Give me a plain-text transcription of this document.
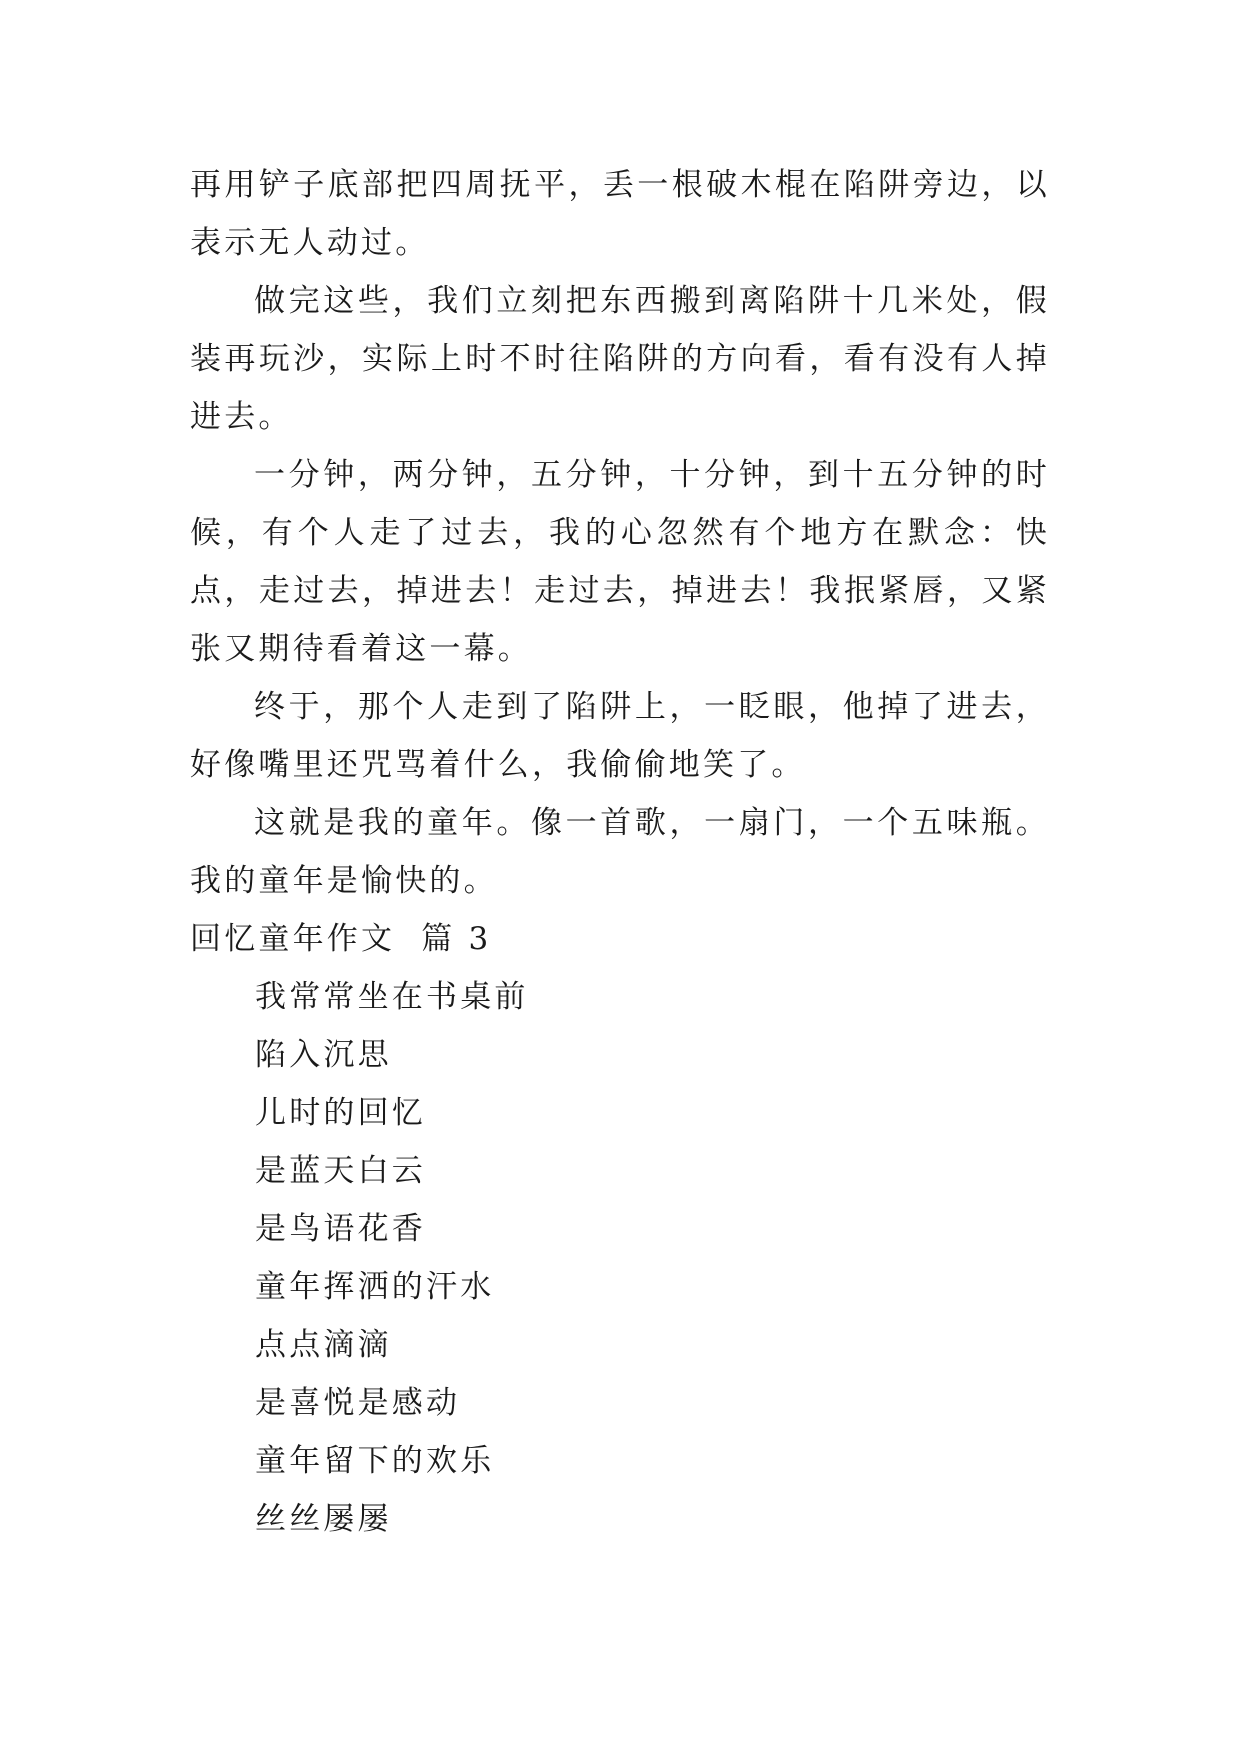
再用铲子底部把四周抚平，丢一根破木棍在陷阱旁边，以表示无人动过。

做完这些，我们立刻把东西搬到离陷阱十几米处，假装再玩沙，实际上时不时往陷阱的方向看，看有没有人掉进去。

一分钟，两分钟，五分钟，十分钟，到十五分钟的时候，有个人走了过去，我的心忽然有个地方在默念：快点，走过去，掉进去！走过去，掉进去！我抿紧唇，又紧张又期待看着这一幕。

终于，那个人走到了陷阱上，一眨眼，他掉了进去，好像嘴里还咒骂着什么，我偷偷地笑了。

这就是我的童年。像一首歌，一扇门，一个五味瓶。我的童年是愉快的。

回忆童年作文  篇 3

我常常坐在书桌前
陷入沉思
儿时的回忆
是蓝天白云
是鸟语花香
童年挥洒的汗水
点点滴滴
是喜悦是感动
童年留下的欢乐
丝丝屡屡
